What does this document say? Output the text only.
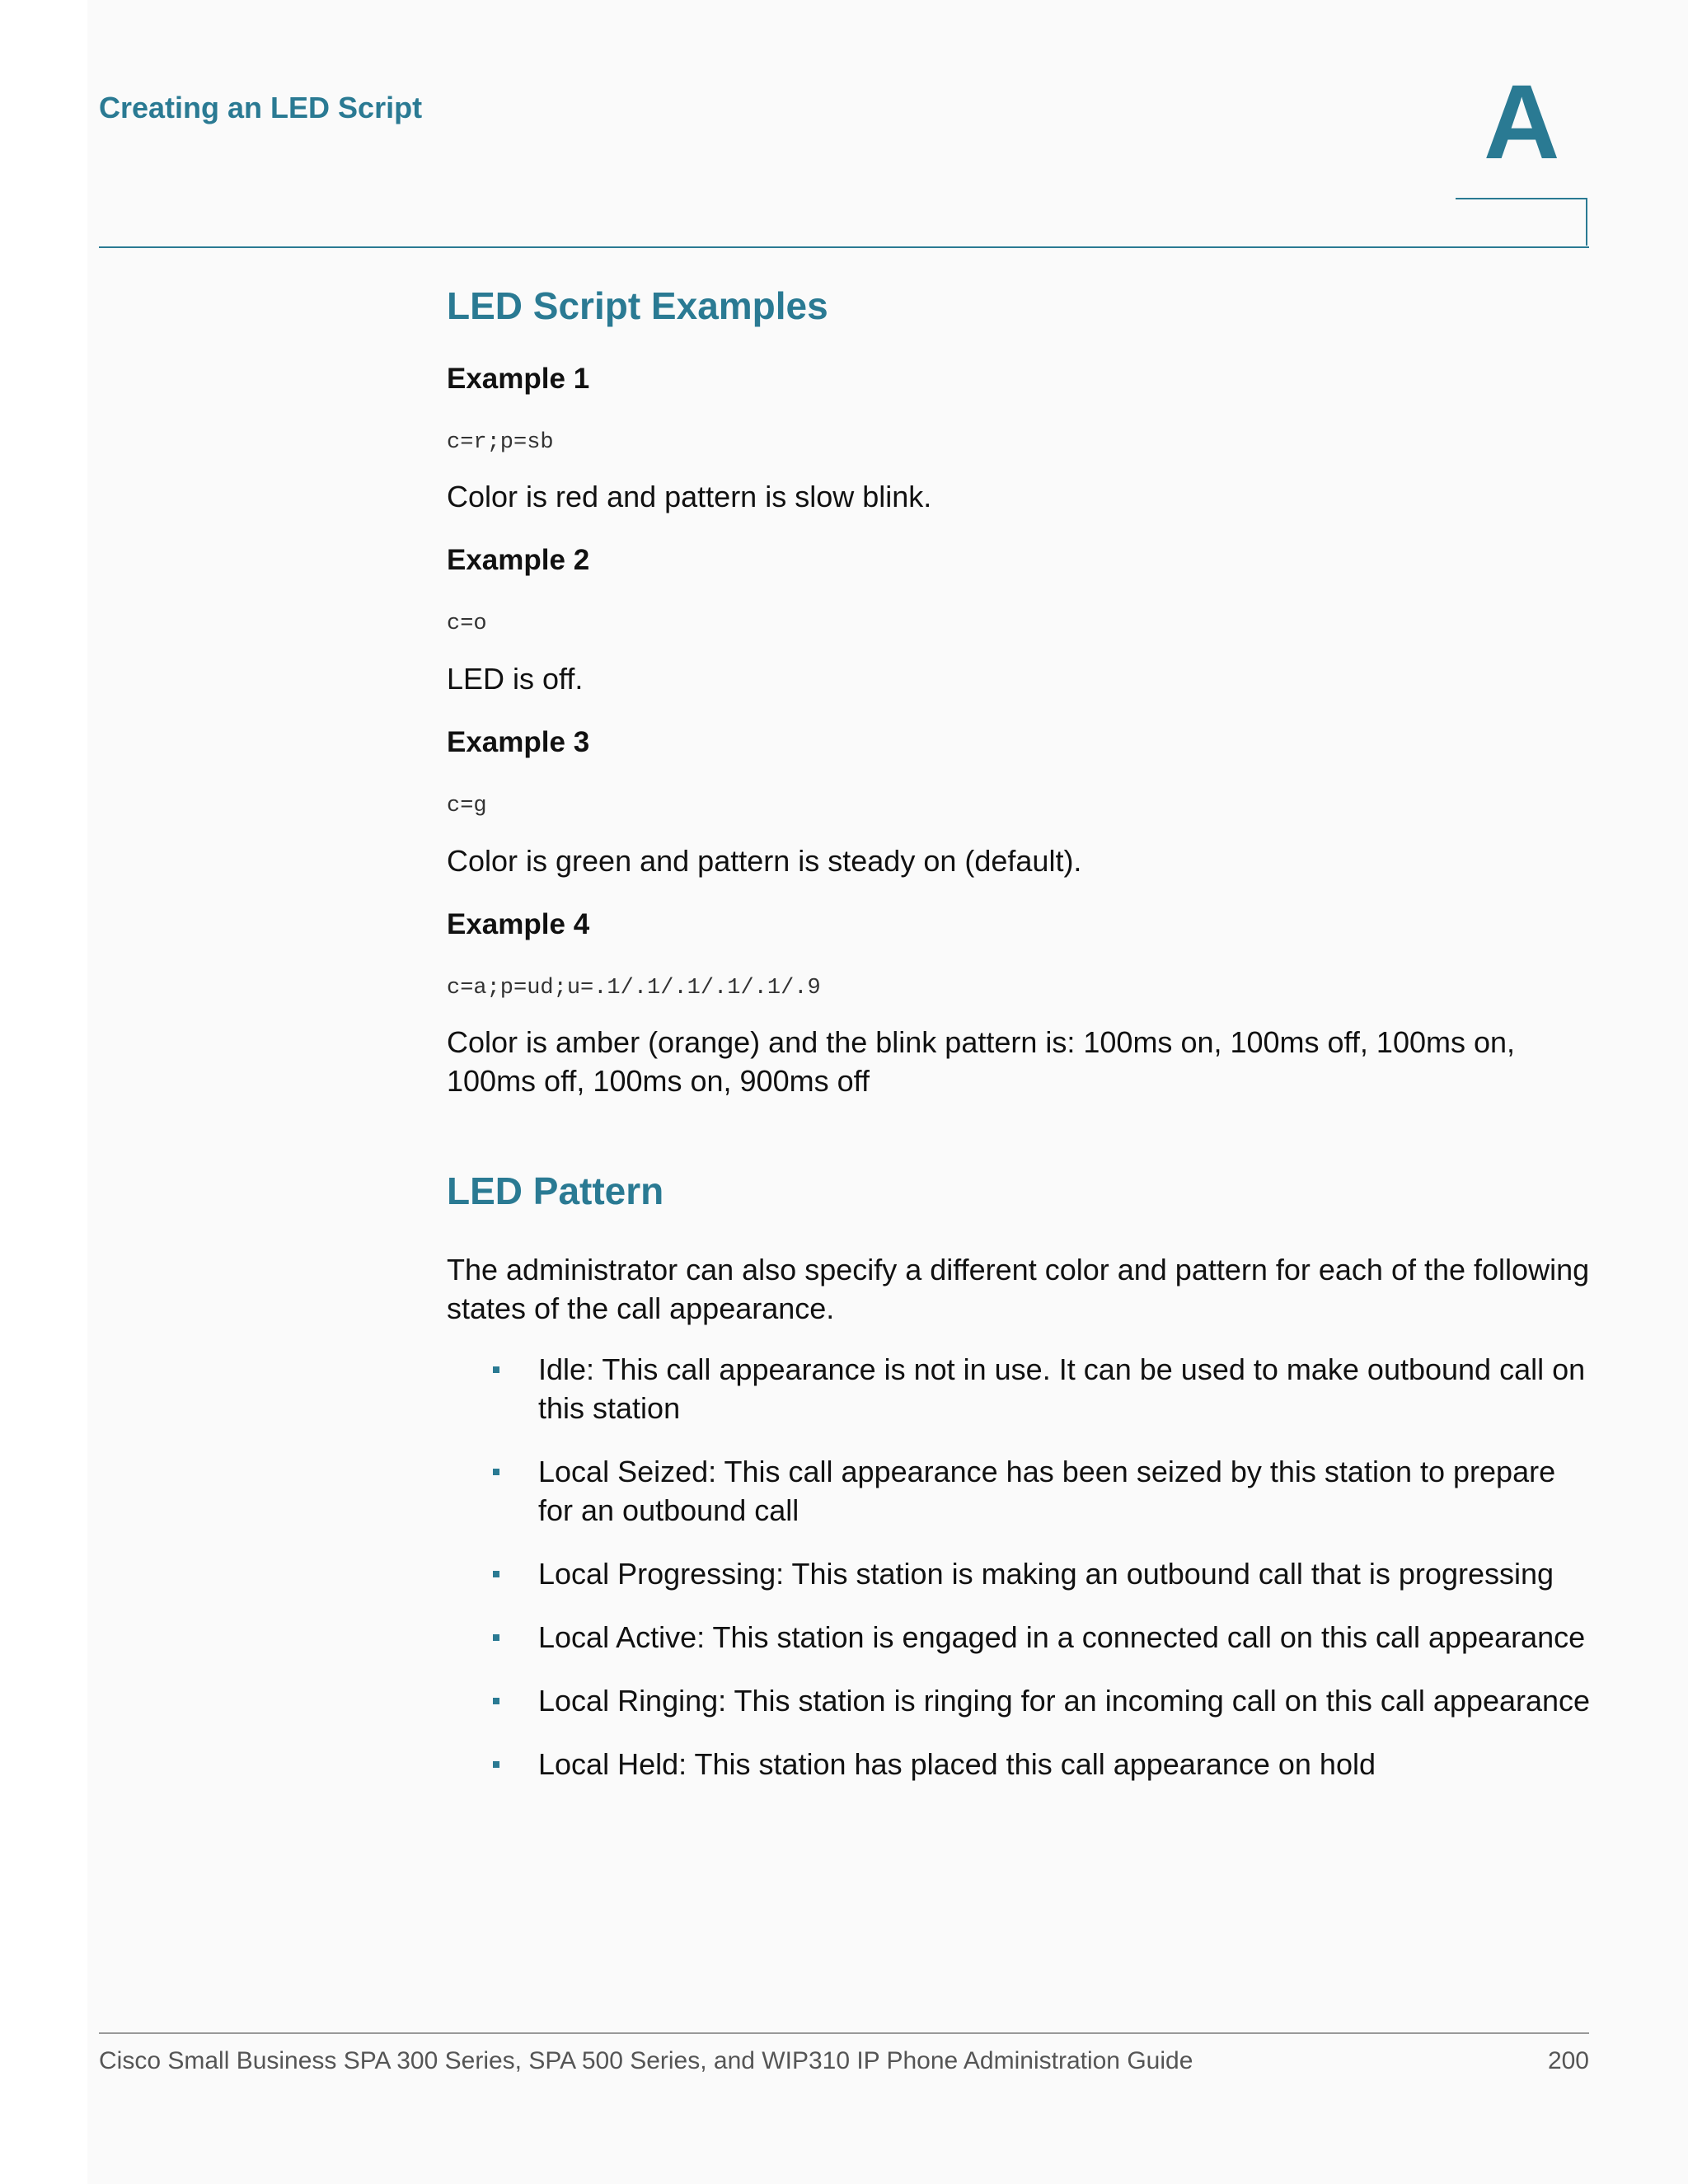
Creating an LED Script	A
LED Script Examples
Example 1
c=r;p=sb
Color is red and pattern is slow blink.
Example 2
c=o
LED is off.
Example 3
c=g
Color is green and pattern is steady on (default).
Example 4
c=a;p=ud;u=.1/.1/.1/.1/.1/.9
Color is amber (orange) and the blink pattern is: 100ms on, 100ms off, 100ms on, 100ms off, 100ms on, 900ms off
LED Pattern
The administrator can also specify a different color and pattern for each of the following states of the call appearance.
Idle: This call appearance is not in use. It can be used to make outbound call on this station
Local Seized: This call appearance has been seized by this station to prepare for an outbound call
Local Progressing: This station is making an outbound call that is progressing
Local Active: This station is engaged in a connected call on this call appearance
Local Ringing: This station is ringing for an incoming call on this call appearance
Local Held: This station has placed this call appearance on hold
Cisco Small Business SPA 300 Series, SPA 500 Series, and WIP310 IP Phone Administration Guide	200
